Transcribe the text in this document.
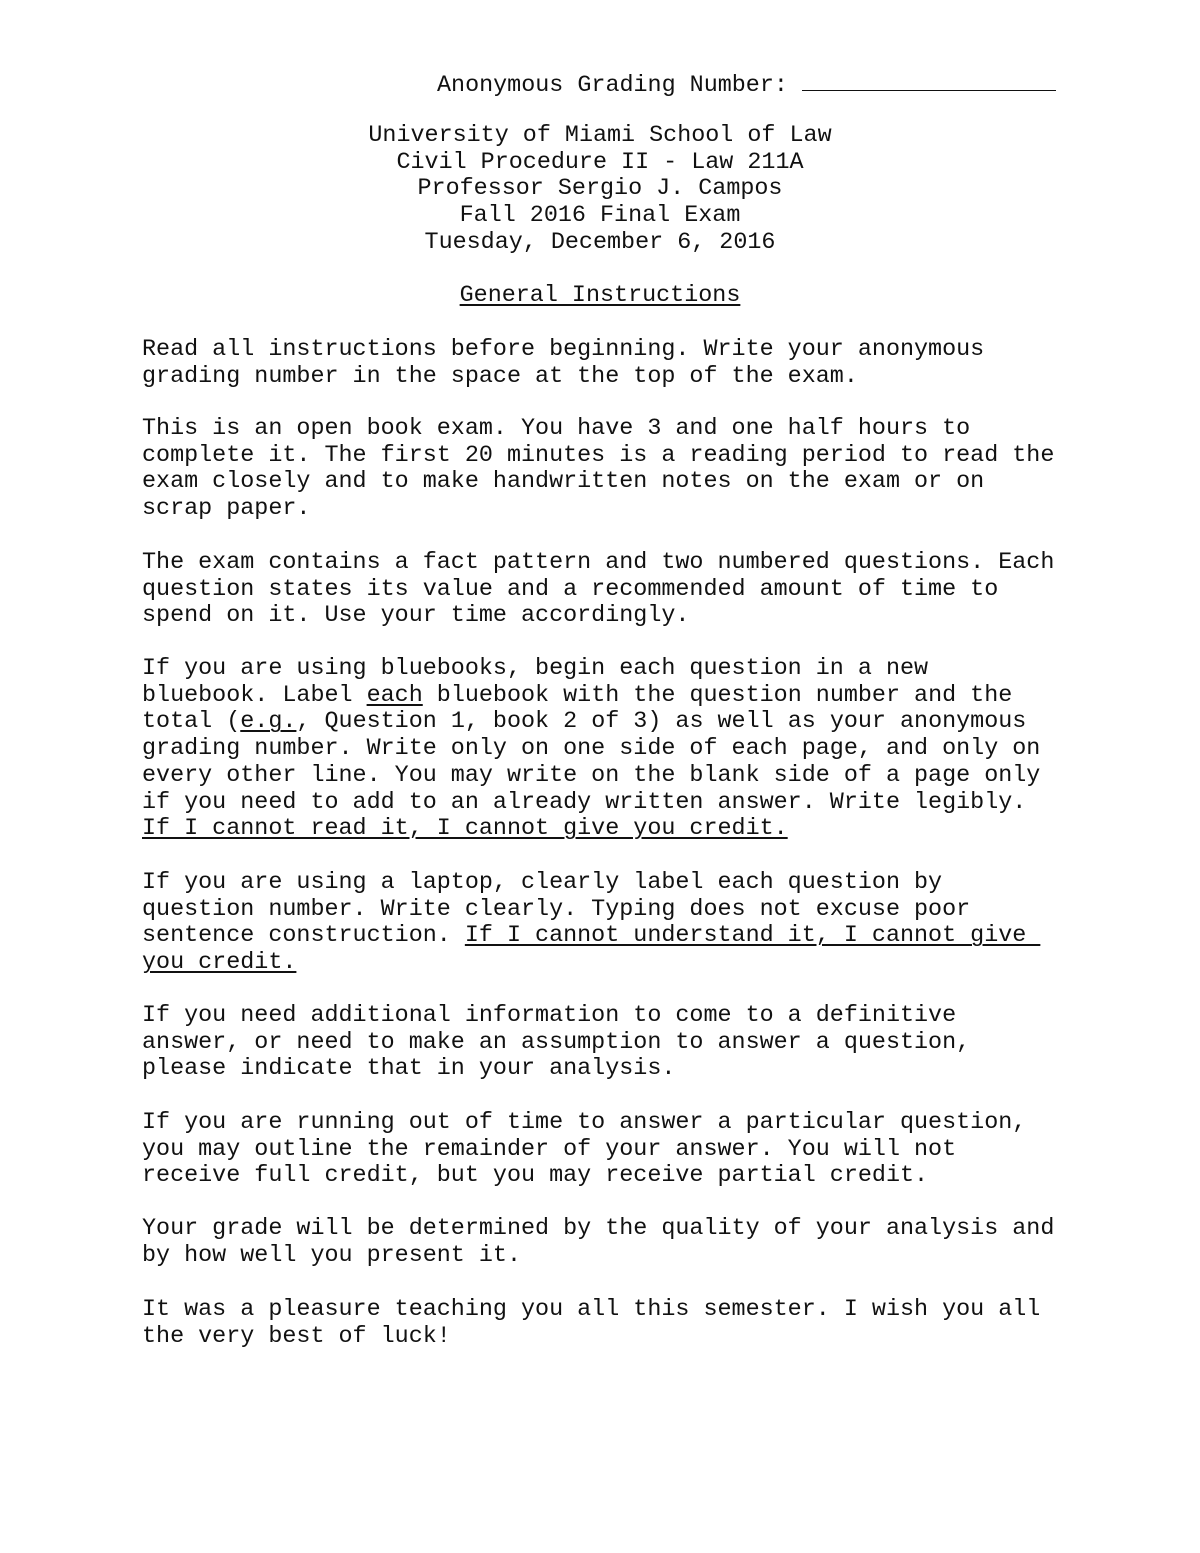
Anonymous Grading Number:
University of Miami School of Law
Civil Procedure II - Law 211A
Professor Sergio J. Campos
Fall 2016 Final Exam
Tuesday, December 6, 2016
General Instructions

Read all instructions before beginning. Write your anonymous

grading number in the space at the top of the exam.

This is an open book exam. You have 3 and one half hours to

complete it. The first 20 minutes is a reading period to read the

exam closely and to make handwritten notes on the exam or on

scrap paper.

The exam contains a fact pattern and two numbered questions. Each

question states its value and a recommended amount of time to

spend on it. Use your time accordingly.

If you are using bluebooks, begin each question in a new

bluebook. Label each bluebook with the question number and the

total (e.g., Question 1, book 2 of 3) as well as your anonymous

grading number. Write only on one side of each page, and only on

every other line. You may write on the blank side of a page only

if you need to add to an already written answer. Write legibly.

If I cannot read it, I cannot give you credit.

If you are using a laptop, clearly label each question by

question number. Write clearly. Typing does not excuse poor

sentence construction. If I cannot understand it, I cannot give

you credit.

If you need additional information to come to a definitive

answer, or need to make an assumption to answer a question,

please indicate that in your analysis.

If you are running out of time to answer a particular question,

you may outline the remainder of your answer. You will not

receive full credit, but you may receive partial credit.

Your grade will be determined by the quality of your analysis and

by how well you present it.

It was a pleasure teaching you all this semester. I wish you all

the very best of luck!
